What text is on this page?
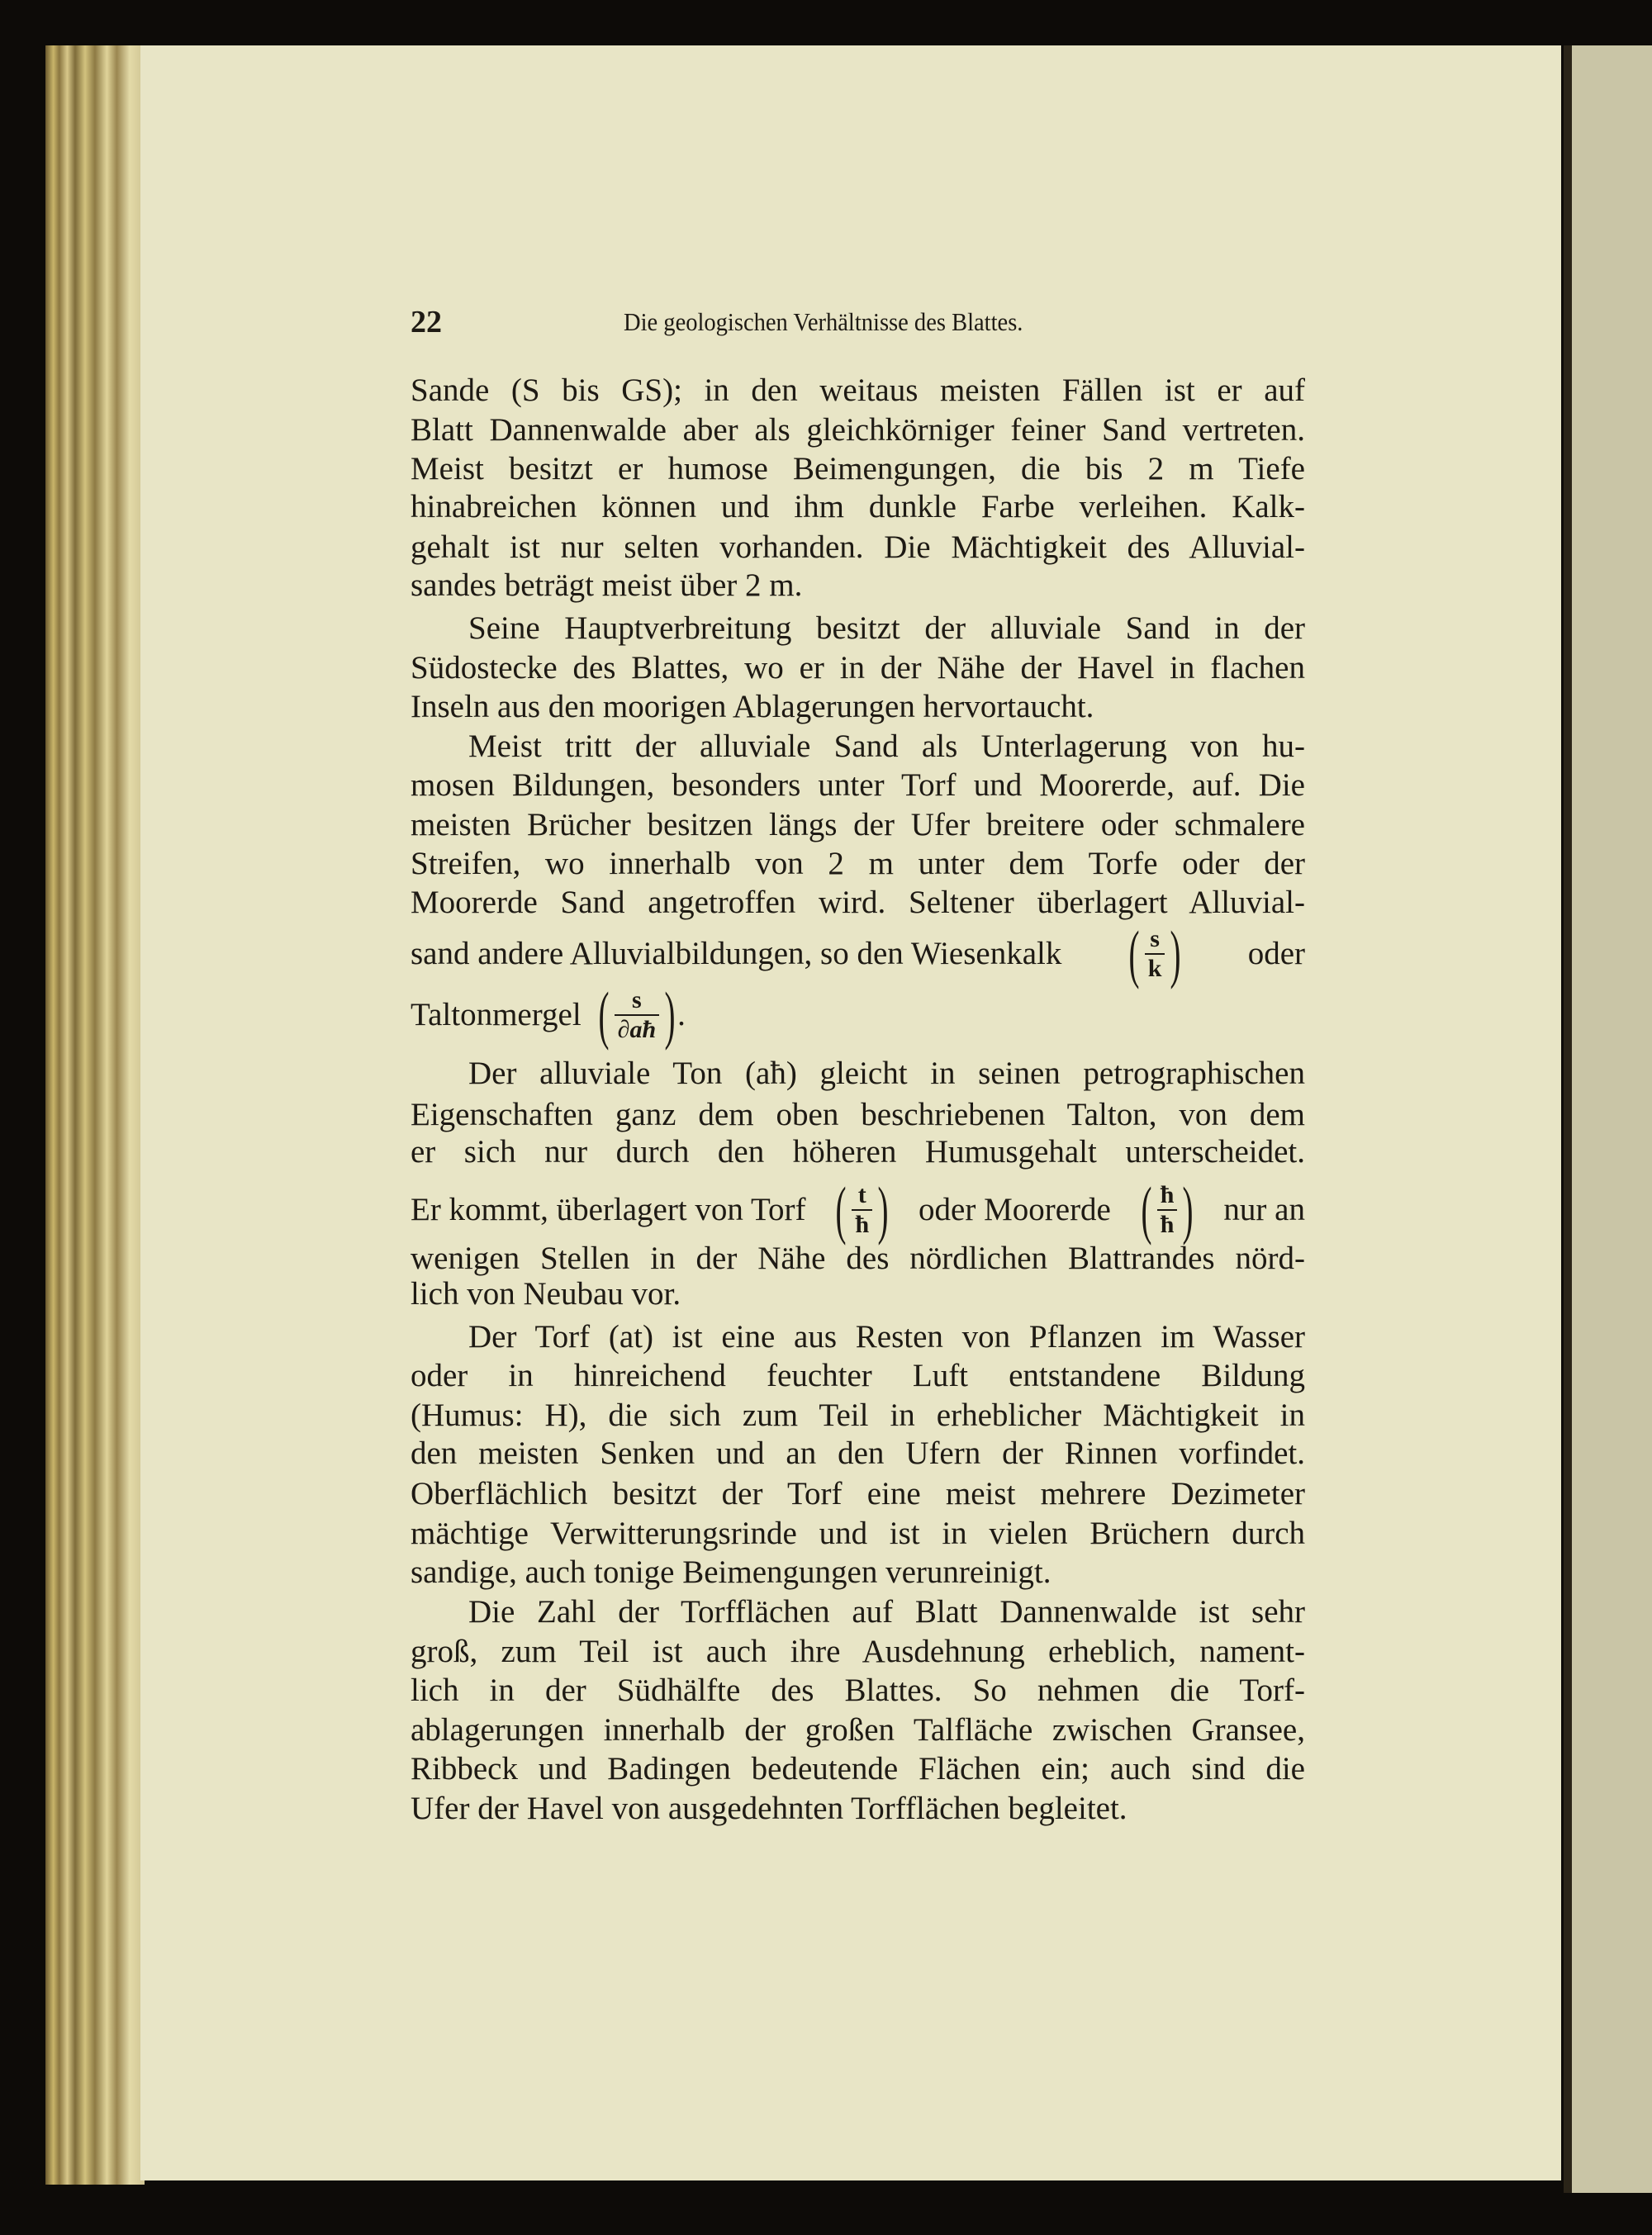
22	Die geologischen Verhältnisse des Blattes.
Sande (S bis GS); in den weitaus meisten Fällen ist er auf
Blatt Dannenwalde aber als gleichkörniger feiner Sand vertreten.
Meist besitzt er humose Beimengungen, die bis 2 m Tiefe
hinabreichen können und ihm dunkle Farbe verleihen. Kalk-
gehalt ist nur selten vorhanden. Die Mächtigkeit des Alluvial-
sandes beträgt meist über 2 m.
Seine Hauptverbreitung besitzt der alluviale Sand in der
Südostecke des Blattes, wo er in der Nähe der Havel in flachen
Inseln aus den moorigen Ablagerungen hervortaucht.
Meist tritt der alluviale Sand als Unterlagerung von hu-
mosen Bildungen, besonders unter Torf und Moorerde, auf. Die
meisten Brücher besitzen längs der Ufer breitere oder schmalere
Streifen, wo innerhalb von 2 m unter dem Torfe oder der
Moorerde Sand angetroffen wird. Seltener überlagert Alluvial-
sand andere Alluvialbildungen, so den Wiesenkalk ( $\frac{s}{k}$ ) oder
Taltonmergel ( $\frac{s}{\partial aħ}$ ) .
Der alluviale Ton (aħ) gleicht in seinen petrographischen
Eigenschaften ganz dem oben beschriebenen Talton, von dem
er sich nur durch den höheren Humusgehalt unterscheidet.
Er kommt, überlagert von Torf ( $\frac{t}{ħ}$ ) oder Moorerde ( $\frac{ħ}{ħ}$ ) nur an
wenigen Stellen in der Nähe des nördlichen Blattrandes nörd-
lich von Neubau vor.
Der Torf (at) ist eine aus Resten von Pflanzen im Wasser
oder in hinreichend feuchter Luft entstandene Bildung
(Humus: H), die sich zum Teil in erheblicher Mächtigkeit in
den meisten Senken und an den Ufern der Rinnen vorfindet.
Oberflächlich besitzt der Torf eine meist mehrere Dezimeter
mächtige Verwitterungsrinde und ist in vielen Brüchern durch
sandige, auch tonige Beimengungen verunreinigt.
Die Zahl der Torfflächen auf Blatt Dannenwalde ist sehr
groß, zum Teil ist auch ihre Ausdehnung erheblich, nament-
lich in der Südhälfte des Blattes. So nehmen die Torf-
ablagerungen innerhalb der großen Talfläche zwischen Gransee,
Ribbeck und Badingen bedeutende Flächen ein; auch sind die
Ufer der Havel von ausgedehnten Torfflächen begleitet.
